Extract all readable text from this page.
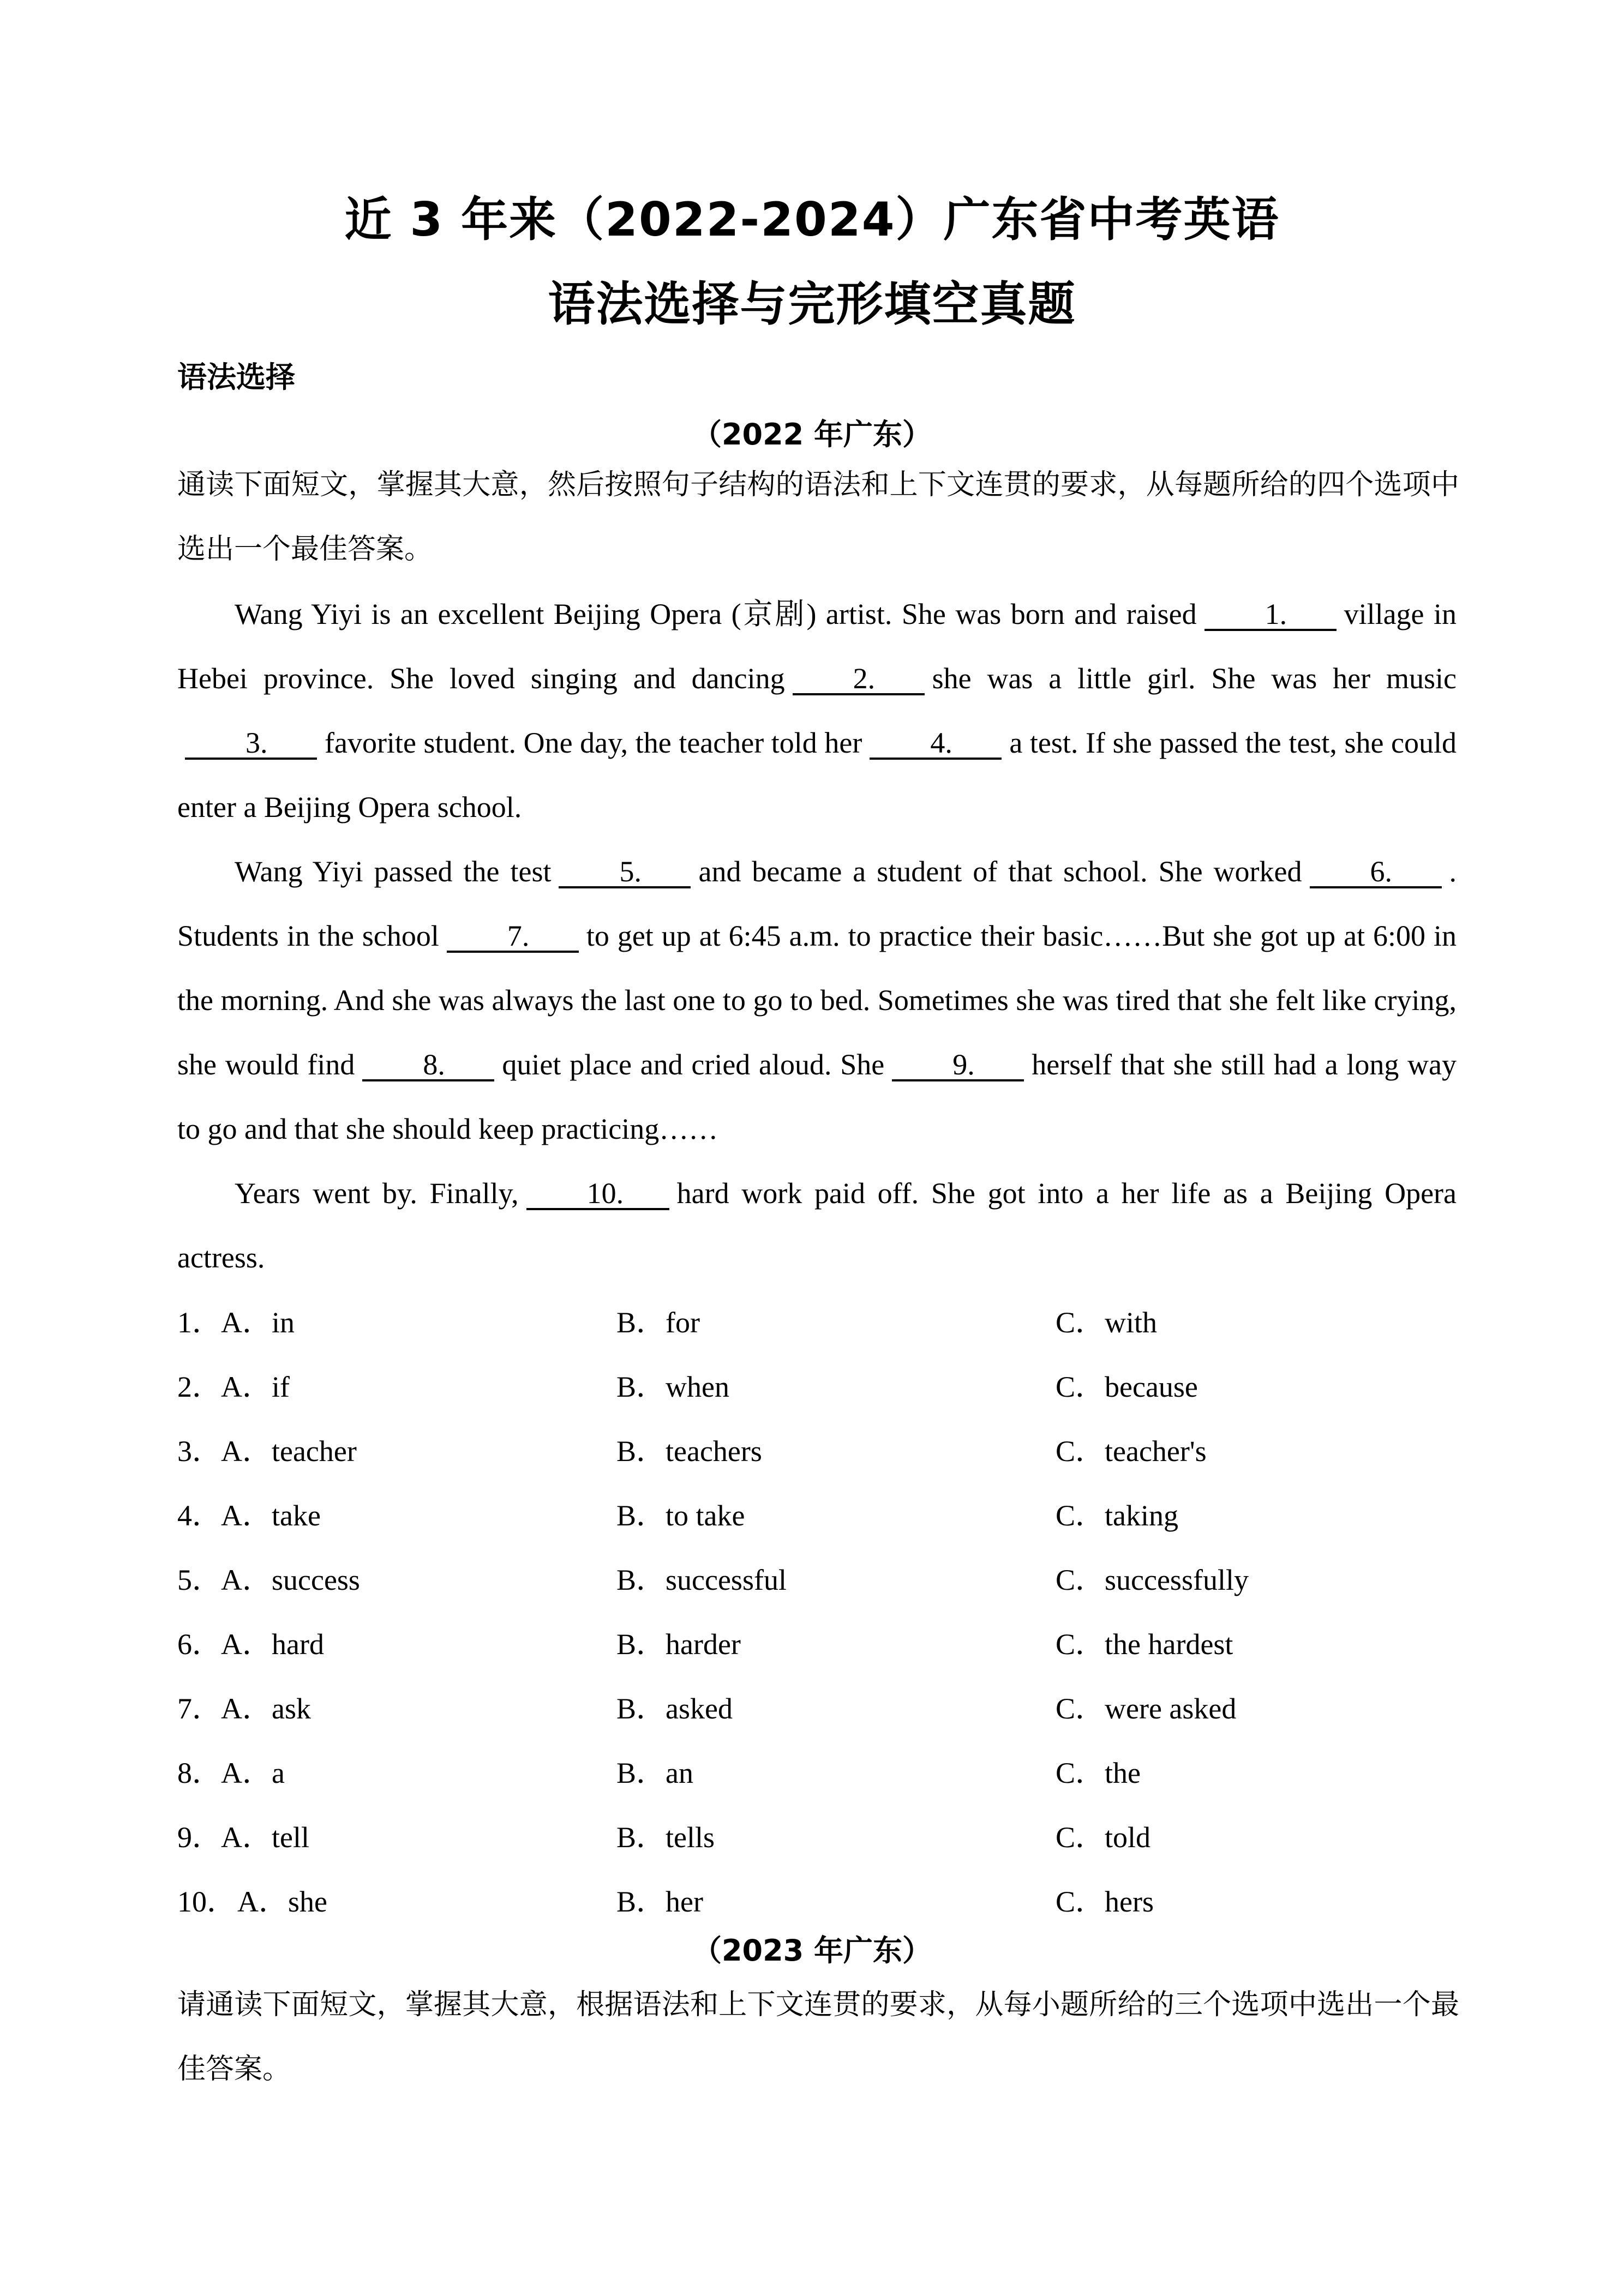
近 3 年来（2022-2024）广东省中考英语
语法选择与完形填空真题
语法选择
（2022 年广东）
通读下面短文，掌握其大意，然后按照句子结构的语法和上下文连贯的要求，从每题所给的四个选项中选出一个最佳答案。

Wang Yiyi is an excellent Beijing Opera (京剧) artist. She was born and raised 1. village in Hebei province. She loved singing and dancing 2. she was a little girl. She was her music3. favorite student. One day, the teacher told her 4. a test. If she passed the test, she could enter a Beijing Opera school.

Wang Yiyi passed the test 5. and became a student of that school. She worked 6. . Students in the school 7. to get up at 6:45 a.m. to practice their basic……But she got up at 6:00 in the morning. And she was always the last one to go to bed. Sometimes she was tired that she felt like crying, she would find 8. quiet place and cried aloud. She 9. herself that she still had a long way to go and that she should keep practicing……

Years went by. Finally, 10. hard work paid off. She got into a her life as a Beijing Opera actress.

1． A．in	B．for	C．with
2． A．if	B．when	C．because
3． A．teacher	B．teachers	C．teacher's
4． A．take	B．to take	C．taking
5． A．success	B．successful	C．successfully
6． A．hard	B．harder	C．the hardest
7． A．ask	B．asked	C．were asked
8． A．a	B．an	C．the
9． A．tell	B．tells	C．told
10． A．she	B．her	C．hers
（2023 年广东）
请通读下面短文，掌握其大意，根据语法和上下文连贯的要求，从每小题所给的三个选项中选出一个最佳答案。
